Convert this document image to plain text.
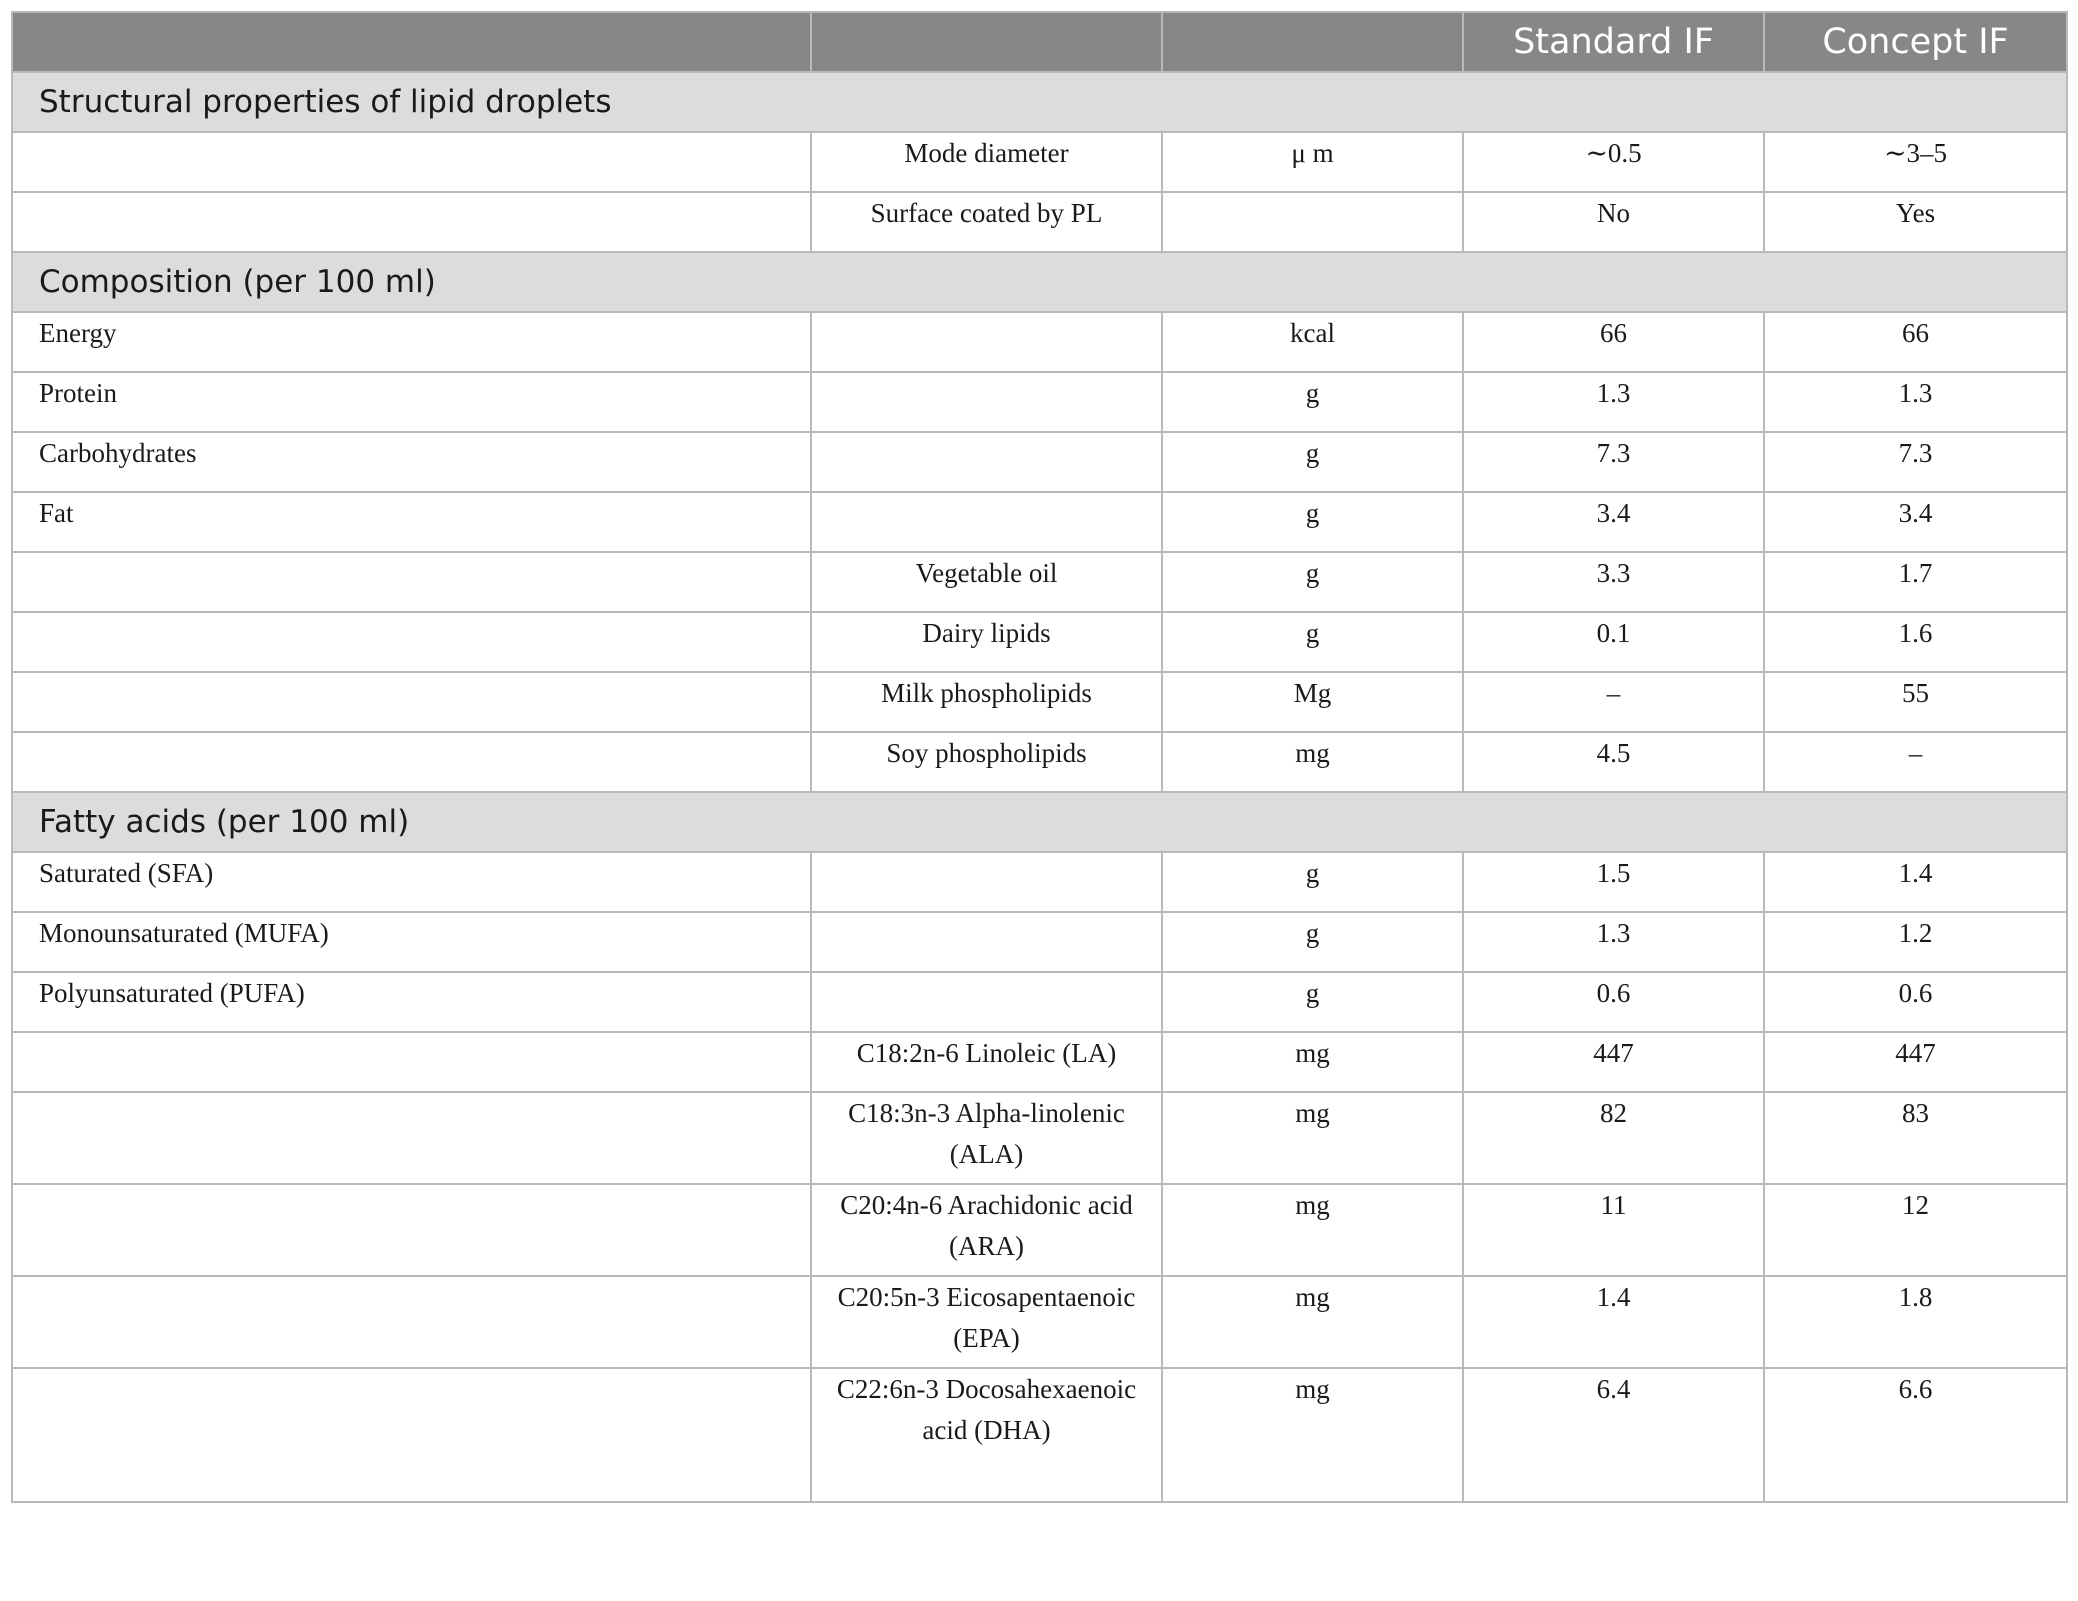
			Standard IF	Concept IF
Structural properties of lipid droplets				
	Mode diameter	μ m	∼0.5	∼3–5
	Surface coated by PL		No	Yes
Composition (per 100 ml)				
Energy		kcal	66	66
Protein		g	1.3	1.3
Carbohydrates		g	7.3	7.3
Fat		g	3.4	3.4
	Vegetable oil	g	3.3	1.7
	Dairy lipids	g	0.1	1.6
	Milk phospholipids	Mg	–	55
	Soy phospholipids	mg	4.5	–
Fatty acids (per 100 ml)				
Saturated (SFA)		g	1.5	1.4
Monounsaturated (MUFA)		g	1.3	1.2
Polyunsaturated (PUFA)		g	0.6	0.6
	C18:2n-6 Linoleic (LA)	mg	447	447
	C18:3n-3 Alpha-linolenic (ALA)	mg	82	83
	C20:4n-6 Arachidonic acid (ARA)	mg	11	12
	C20:5n-3 Eicosapentaenoic (EPA)	mg	1.4	1.8
	C22:6n-3 Docosahexaenoic acid (DHA)	mg	6.4	6.6
